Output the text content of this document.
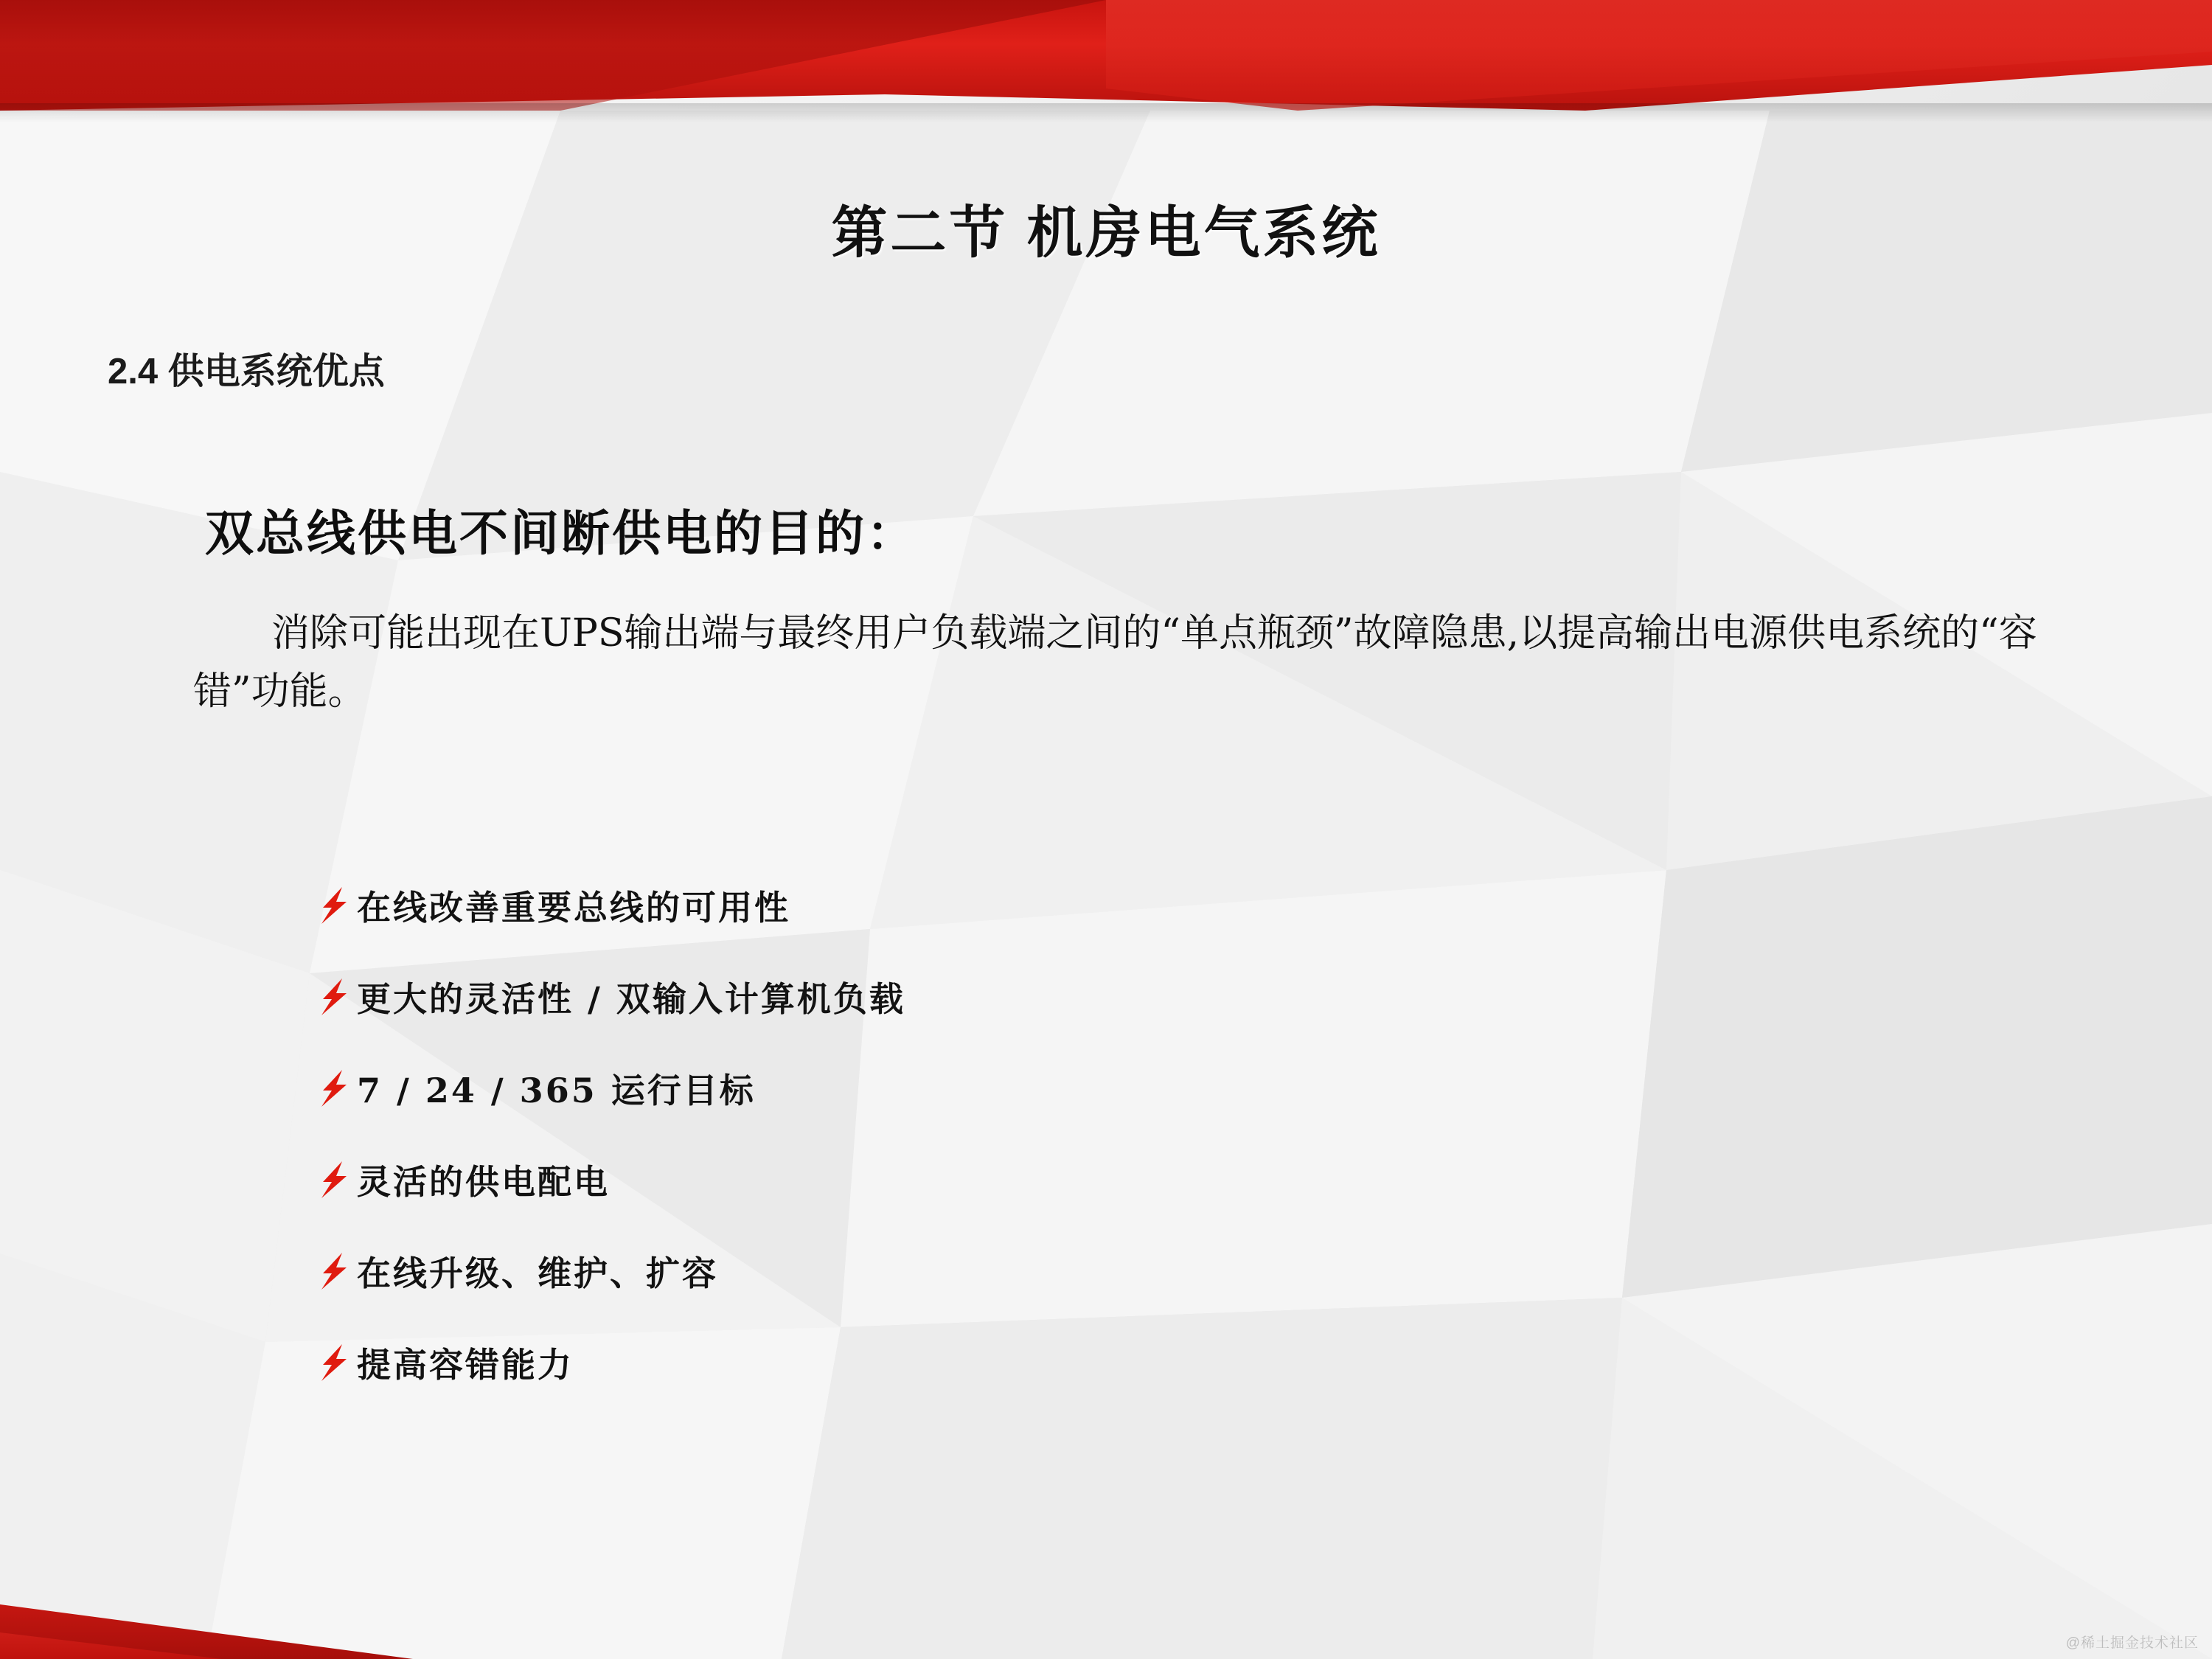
第二节 机房电气系统
2.4 供电系统优点
双总线供电不间断供电的目的：
消除可能出现在UPS输出端与最终用户负载端之间的“单点瓶颈”故障隐患,以提高输出电源供电系统的“容错”功能。
在线改善重要总线的可用性
更大的灵活性 / 双输入计算机负载
7 / 24 / 365 运行目标
灵活的供电配电
在线升级、维护、扩容
提高容错能力
@稀土掘金技术社区
